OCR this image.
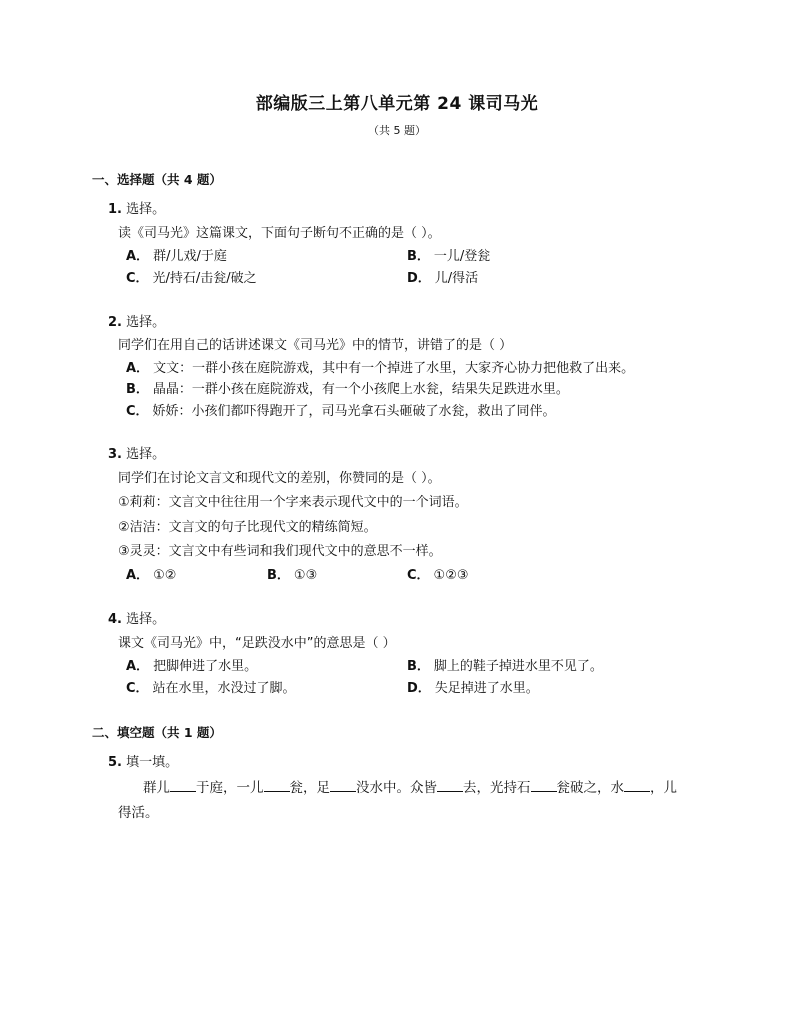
部编版三上第八单元第 24 课司马光
（共 5 题）
一、选择题（共 4 题）
1. 选择。
读《司马光》这篇课文，下面句子断句不正确的是（ ）。
A． 群/儿戏/于庭	B． 一儿/登瓮
C． 光/持石/击瓮/破之	D． 儿/得活
2. 选择。
同学们在用自己的话讲述课文《司马光》中的情节，讲错了的是（ ）
A． 文文：一群小孩在庭院游戏，其中有一个掉进了水里，大家齐心协力把他救了出来。
B． 晶晶：一群小孩在庭院游戏，有一个小孩爬上水瓮，结果失足跌进水里。
C． 娇娇：小孩们都吓得跑开了，司马光拿石头砸破了水瓮，救出了同伴。
3. 选择。
同学们在讨论文言文和现代文的差别，你赞同的是（ ）。
①莉莉：文言文中往往用一个字来表示现代文中的一个词语。
②洁洁：文言文的句子比现代文的精练简短。
③灵灵：文言文中有些词和我们现代文中的意思不一样。
A． ①②	B． ①③	C． ①②③
4. 选择。
课文《司马光》中，“足跌没水中”的意思是（ ）
A． 把脚伸进了水里。	B． 脚上的鞋子掉进水里不见了。
C． 站在水里，水没过了脚。	D． 失足掉进了水里。
二、填空题（共 1 题）
5. 填一填。
群儿 于庭，一儿 瓮，足 没水中。众皆 去，光持石 瓮破之，水 ，儿
得活。
